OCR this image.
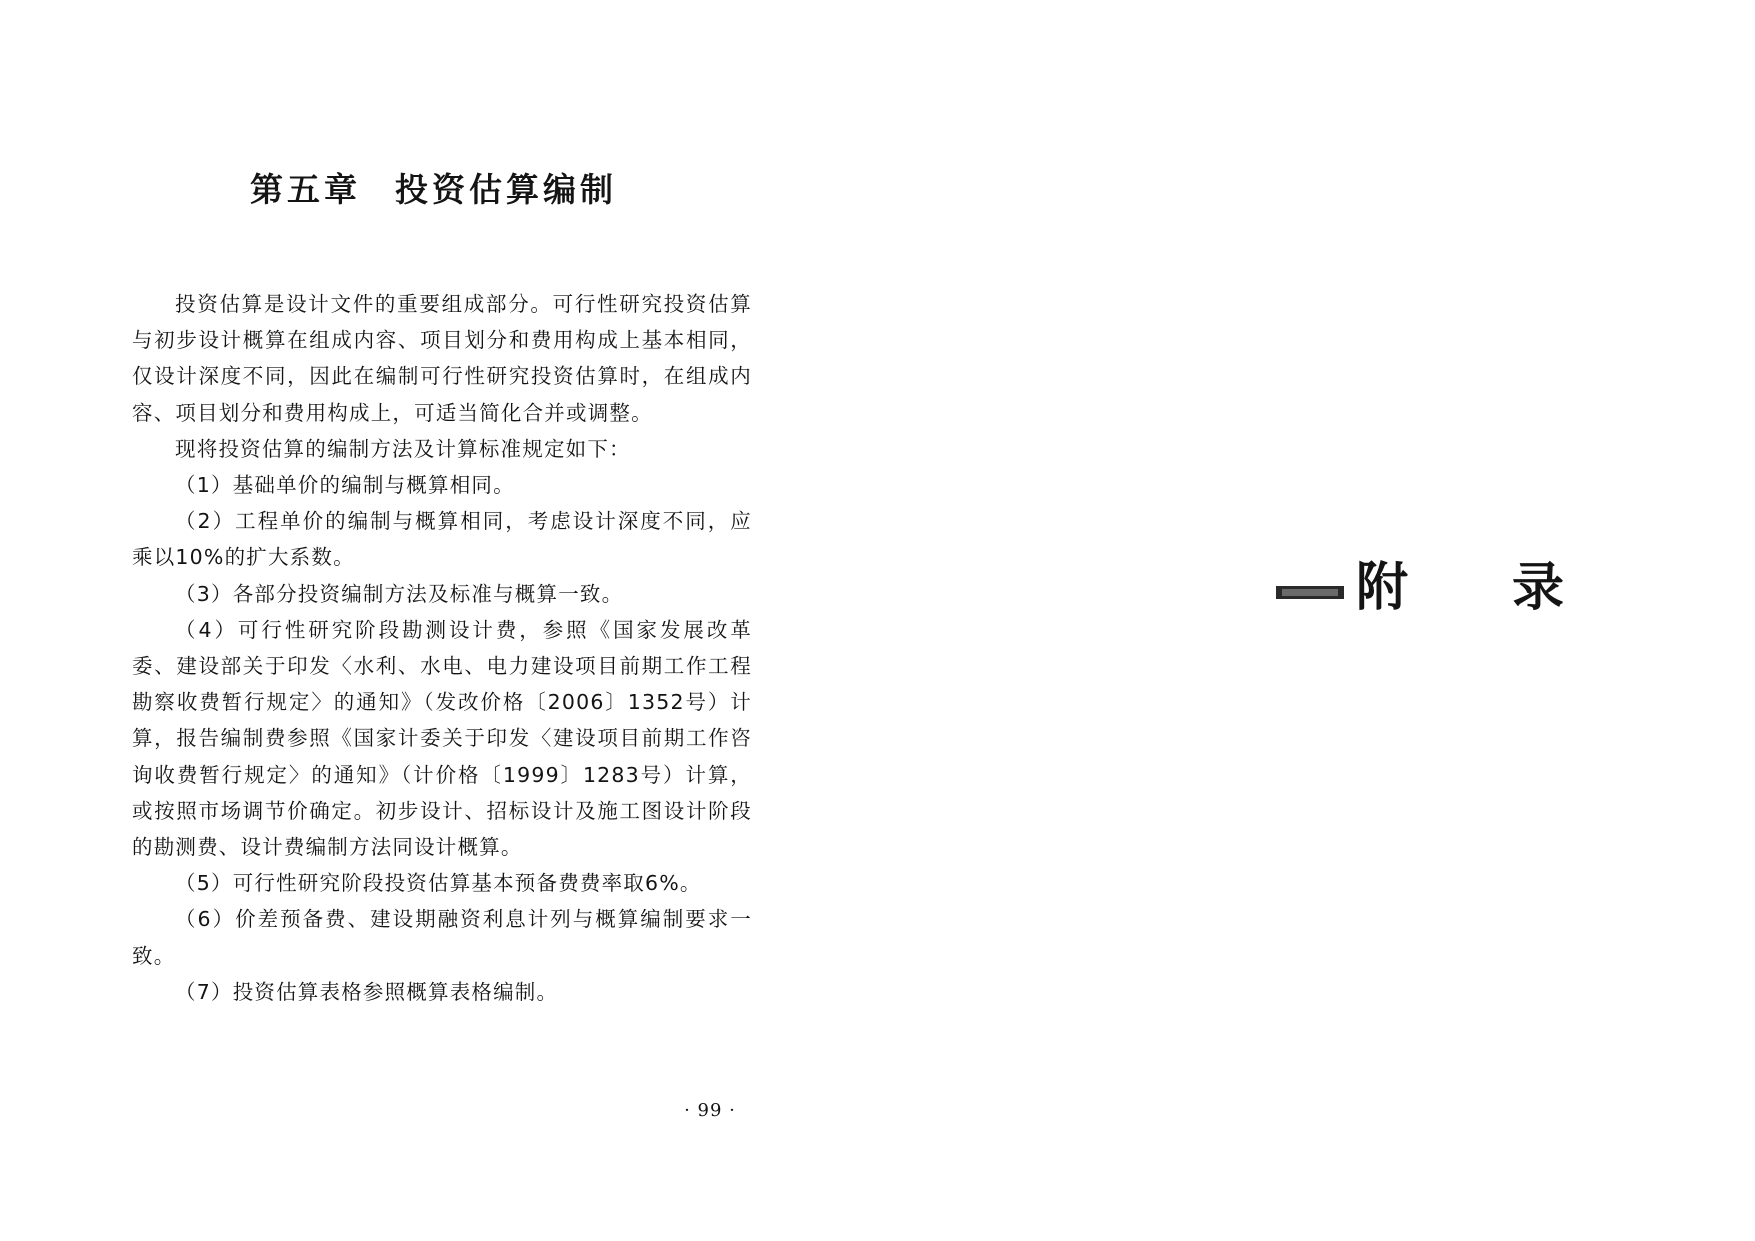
第五章 投资估算编制

投资估算是设计文件的重要组成部分。可行性研究投资估算与初步设计概算在组成内容、项目划分和费用构成上基本相同，仅设计深度不同，因此在编制可行性研究投资估算时，在组成内容、项目划分和费用构成上，可适当简化合并或调整。

现将投资估算的编制方法及计算标准规定如下：

（1）基础单价的编制与概算相同。

（2）工程单价的编制与概算相同，考虑设计深度不同，应乘以10%的扩大系数。

（3）各部分投资编制方法及标准与概算一致。

（4）可行性研究阶段勘测设计费，参照《国家发展改革委、建设部关于印发〈水利、水电、电力建设项目前期工作工程勘察收费暂行规定〉的通知》（发改价格〔2006〕1352号）计算，报告编制费参照《国家计委关于印发〈建设项目前期工作咨询收费暂行规定〉的通知》（计价格〔1999〕1283号）计算，或按照市场调节价确定。初步设计、招标设计及施工图设计阶段的勘测费、设计费编制方法同设计概算。

（5）可行性研究阶段投资估算基本预备费费率取6%。

（6）价差预备费、建设期融资利息计列与概算编制要求一致。

（7）投资估算表格参照概算表格编制。

· 99 ·
附录
